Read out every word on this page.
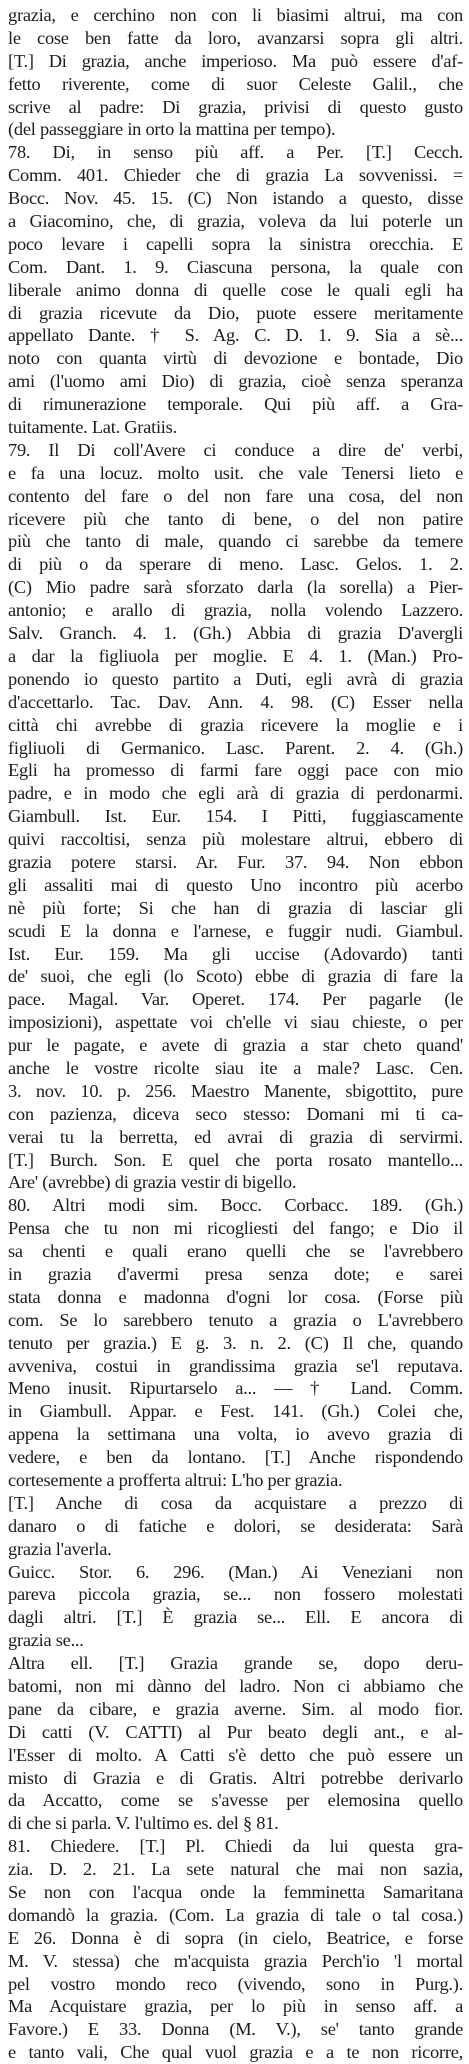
grazia, e cerchino non con li biasimi altrui, ma con
le cose ben fatte da loro, avanzarsi sopra gli altri.
[T.] Di grazia, anche imperioso. Ma può essere d'af-
fetto riverente, come di suor Celeste Galil., che
scrive al padre: Di grazia, privisi di questo gusto
(del passeggiare in orto la mattina per tempo).
78. Di, in senso più aff. a Per. [T.] Cecch.
Comm. 401. Chieder che di grazia La sovvenissi. =
Bocc. Nov. 45. 15. (C) Non istando a questo, disse
a Giacomino, che, di grazia, voleva da lui poterle un
poco levare i capelli sopra la sinistra orecchia. E
Com. Dant. 1. 9. Ciascuna persona, la quale con
liberale animo donna di quelle cose le quali egli ha
di grazia ricevute da Dio, puote essere meritamente
appellato Dante. † S. Ag. C. D. 1. 9. Sia a sè...
noto con quanta virtù di devozione e bontade, Dio
ami (l'uomo ami Dio) di grazia, cioè senza speranza
di rimunerazione temporale. Qui più aff. a Gra-
tuitamente. Lat. Gratiis.
79. Il Di coll'Avere ci conduce a dire de' verbi,
e fa una locuz. molto usit. che vale Tenersi lieto e
contento del fare o del non fare una cosa, del non
ricevere più che tanto di bene, o del non patire
più che tanto di male, quando ci sarebbe da temere
di più o da sperare di meno. Lasc. Gelos. 1. 2.
(C) Mio padre sarà sforzato darla (la sorella) a Pier-
antonio; e arallo di grazia, nolla volendo Lazzero.
Salv. Granch. 4. 1. (Gh.) Abbia di grazia D'avergli
a dar la figliuola per moglie. E 4. 1. (Man.) Pro-
ponendo io questo partito a Duti, egli avrà di grazia
d'accettarlo. Tac. Dav. Ann. 4. 98. (C) Esser nella
città chi avrebbe di grazia ricevere la moglie e i
figliuoli di Germanico. Lasc. Parent. 2. 4. (Gh.)
Egli ha promesso di farmi fare oggi pace con mio
padre, e in modo che egli arà di grazia di perdonarmi.
Giambull. Ist. Eur. 154. I Pitti, fuggiascamente
quivi raccoltisi, senza più molestare altrui, ebbero di
grazia potere starsi. Ar. Fur. 37. 94. Non ebbon
gli assaliti mai di questo Uno incontro più acerbo
nè più forte; Si che han di grazia di lasciar gli
scudi E la donna e l'arnese, e fuggir nudi. Giambul.
Ist. Eur. 159. Ma gli uccise (Adovardo) tanti
de' suoi, che egli (lo Scoto) ebbe di grazia di fare la
pace. Magal. Var. Operet. 174. Per pagarle (le
imposizioni), aspettate voi ch'elle vi siau chieste, o per
pur le pagate, e avete di grazia a star cheto quand'
anche le vostre ricolte siau ite a male? Lasc. Cen.
3. nov. 10. p. 256. Maestro Manente, sbigottito, pure
con pazienza, diceva seco stesso: Domani mi ti ca-
verai tu la berretta, ed avrai di grazia di servirmi.
[T.] Burch. Son. E quel che porta rosato mantello...
Are' (avrebbe) di grazia vestir di bigello.
80. Altri modi sim. Bocc. Corbacc. 189. (Gh.)
Pensa che tu non mi ricogliesti del fango; e Dio il
sa chenti e quali erano quelli che se l'avrebbero
in grazia d'avermi presa senza dote; e sarei
stata donna e madonna d'ogni lor cosa. (Forse più
com. Se lo sarebbero tenuto a grazia o L'avrebbero
tenuto per grazia.) E g. 3. n. 2. (C) Il che, quando
avveniva, costui in grandissima grazia se'l reputava.
Meno inusit. Ripurtarselo a... — † Land. Comm.
in Giambull. Appar. e Fest. 141. (Gh.) Colei che,
appena la settimana una volta, io avevo grazia di
vedere, e ben da lontano. [T.] Anche rispondendo
cortesemente a profferta altrui: L'ho per grazia.
[T.] Anche di cosa da acquistare a prezzo di
danaro o di fatiche e dolori, se desiderata: Sarà
grazia l'averla.
Guicc. Stor. 6. 296. (Man.) Ai Veneziani non
pareva piccola grazia, se... non fossero molestati
dagli altri. [T.] È grazia se... Ell. E ancora di
grazia se...
Altra ell. [T.] Grazia grande se, dopo deru-
batomi, non mi dànno del ladro. Non ci abbiamo che
pane da cibare, e grazia averne. Sim. al modo fior.
Di catti (V. CATTI) al Pur beato degli ant., e al-
l'Esser di molto. A Catti s'è detto che può essere un
misto di Grazia e di Gratis. Altri potrebbe derivarlo
da Accatto, come se s'avesse per elemosina quello
di che si parla. V. l'ultimo es. del § 81.
81. Chiedere. [T.] Pl. Chiedi da lui questa gra-
zia. D. 2. 21. La sete natural che mai non sazia,
Se non con l'acqua onde la femminetta Samaritana
domandò la grazia. (Com. La grazia di tale o tal cosa.)
E 26. Donna è di sopra (in cielo, Beatrice, e forse
M. V. stessa) che m'acquista grazia Perch'io 'l mortal
pel vostro mondo reco (vivendo, sono in Purg.).
Ma Acquistare grazia, per lo più in senso aff. a
Favore.) E 33. Donna (M. V.), se' tanto grande
e tanto vali, Che qual vuol grazia e a te non ricorre,
